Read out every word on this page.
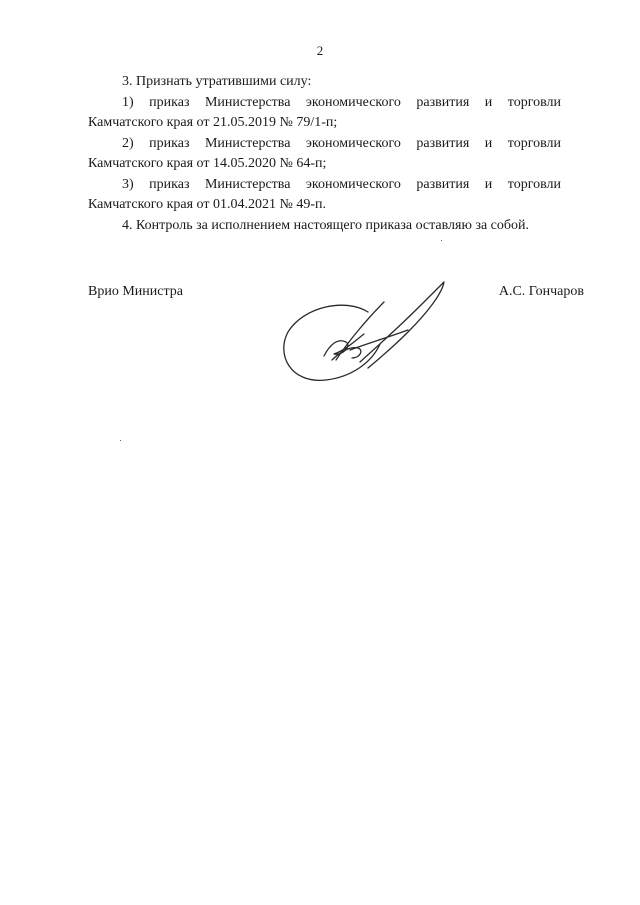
2

3. Признать утратившими силу:

1) приказ Министерства экономического развития и торговли

Камчатского края от 21.05.2019 № 79/1-п;

2) приказ Министерства экономического развития и торговли

Камчатского края от 14.05.2020 № 64-п;

3) приказ Министерства экономического развития и торговли

Камчатского края от 01.04.2021 № 49-п.

4. Контроль за исполнением настоящего приказа оставляю за собой.

Врио Министра	А.С. Гончаров
